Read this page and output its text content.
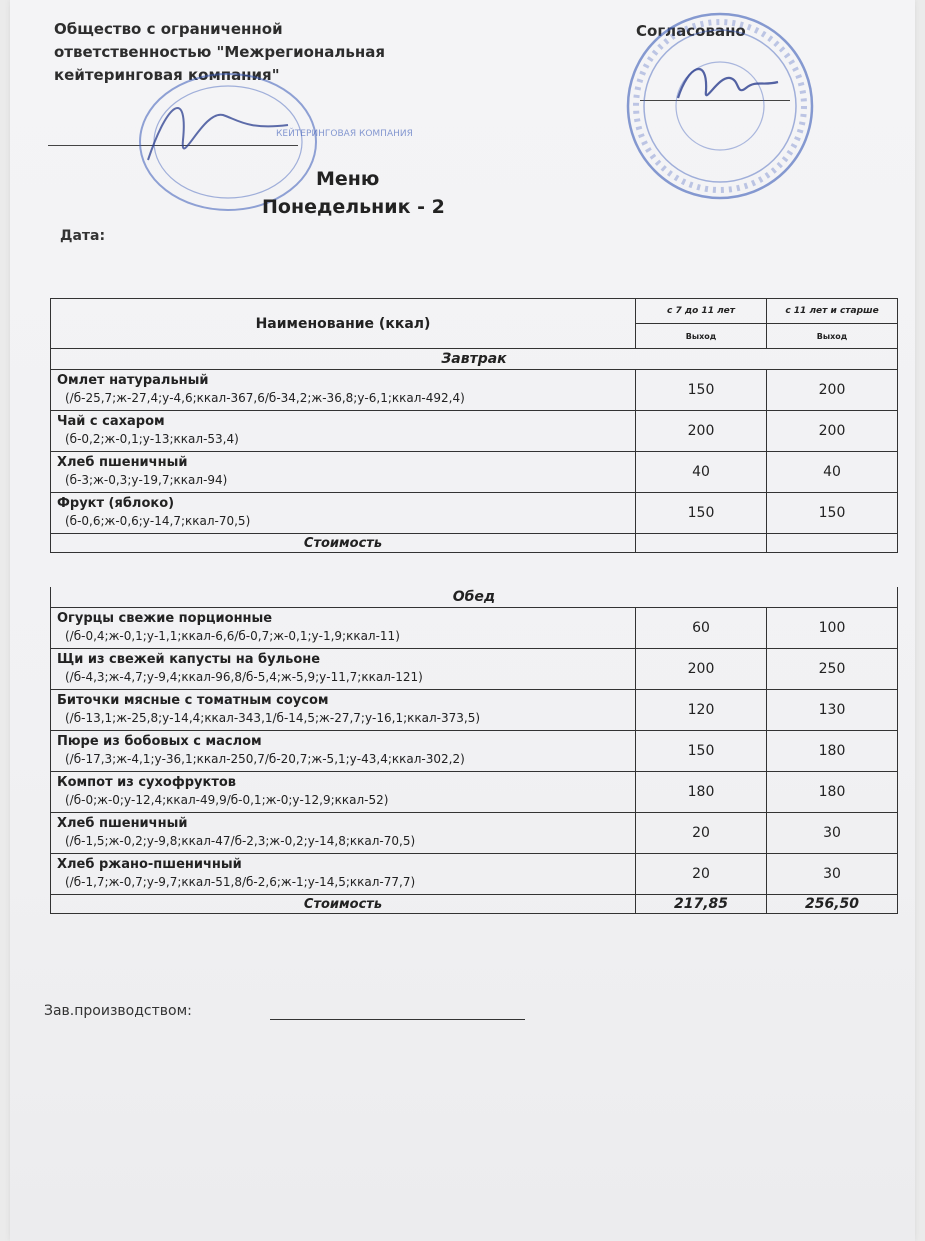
Общество с ограниченной
ответственностью "Межрегиональная
кейтеринговая компания"
КЕЙТЕРИНГОВАЯ КОМПАНИЯ
Согласовано
Меню
Понедельник - 2
Дата:
Наименование (ккал)	с 7 до 11 лет	с 11 лет и старше
	Выход	Выход
Завтрак		

Омлет натуральный
(/б-25,7;ж-27,4;у-4,6;ккал-367,6/б-34,2;ж-36,8;у-6,1;ккал-492,4)	150	200

Чай с сахаром
(б-0,2;ж-0,1;у-13;ккал-53,4)	200	200

Хлеб пшеничный
(б-3;ж-0,3;у-19,7;ккал-94)	40	40

Фрукт (яблоко)
(б-0,6;ж-0,6;у-14,7;ккал-70,5)	150	150
Стоимость		

Обед		

Огурцы свежие порционные
(/б-0,4;ж-0,1;у-1,1;ккал-6,6/б-0,7;ж-0,1;у-1,9;ккал-11)	60	100

Щи из свежей капусты на бульоне
(/б-4,3;ж-4,7;у-9,4;ккал-96,8/б-5,4;ж-5,9;у-11,7;ккал-121)	200	250

Биточки мясные с томатным соусом
(/б-13,1;ж-25,8;у-14,4;ккал-343,1/б-14,5;ж-27,7;у-16,1;ккал-373,5)	120	130

Пюре из бобовых с маслом
(/б-17,3;ж-4,1;у-36,1;ккал-250,7/б-20,7;ж-5,1;у-43,4;ккал-302,2)	150	180

Компот из сухофруктов
(/б-0;ж-0;у-12,4;ккал-49,9/б-0,1;ж-0;у-12,9;ккал-52)	180	180

Хлеб пшеничный
(/б-1,5;ж-0,2;у-9,8;ккал-47/б-2,3;ж-0,2;у-14,8;ккал-70,5)	20	30

Хлеб ржано-пшеничный
(/б-1,7;ж-0,7;у-9,7;ккал-51,8/б-2,6;ж-1;у-14,5;ккал-77,7)	20	30
Стоимость	217,85	256,50
Зав.производством:
